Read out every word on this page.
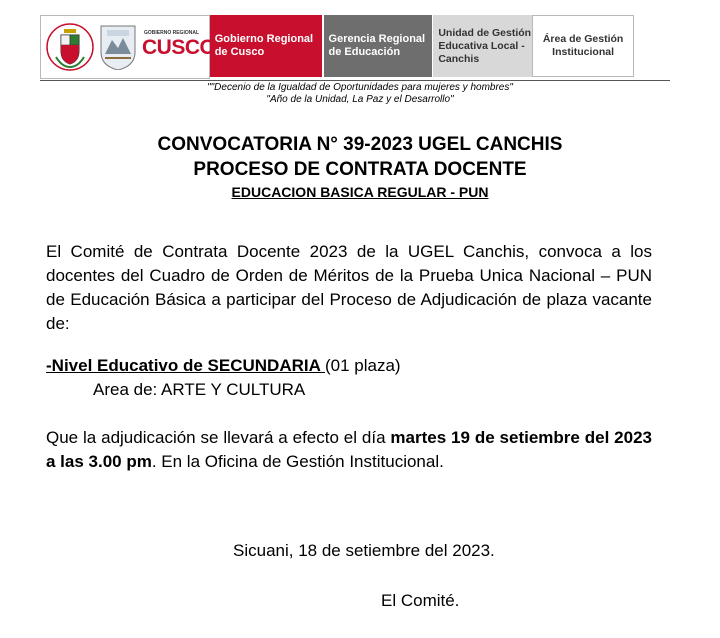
GOBIERNO REGIONAL
CUSCO Gobierno Regional de Cusco
Gerencia Regional de Educación
Unidad de Gestión Educativa Local - Canchis
Área de Gestión Institucional
""Decenio de la Igualdad de Oportunidades para mujeres y hombres"
"Año de la Unidad, La Paz y el Desarrollo"
CONVOCATORIA N° 39-2023 UGEL CANCHIS
PROCESO DE CONTRATA DOCENTE
EDUCACION BASICA REGULAR - PUN
El Comité de Contrata Docente 2023 de la UGEL Canchis, convoca a los docentes del Cuadro de Orden de Méritos de la Prueba Unica Nacional – PUN de Educación Básica a participar del Proceso de Adjudicación de plaza vacante de:
-Nivel Educativo de SECUNDARIA (01 plaza)
Area de: ARTE Y CULTURA
Que la adjudicación se llevará a efecto el día martes 19 de setiembre del 2023 a las 3.00 pm. En la Oficina de Gestión Institucional.
Sicuani, 18 de setiembre del 2023.
El Comité.
